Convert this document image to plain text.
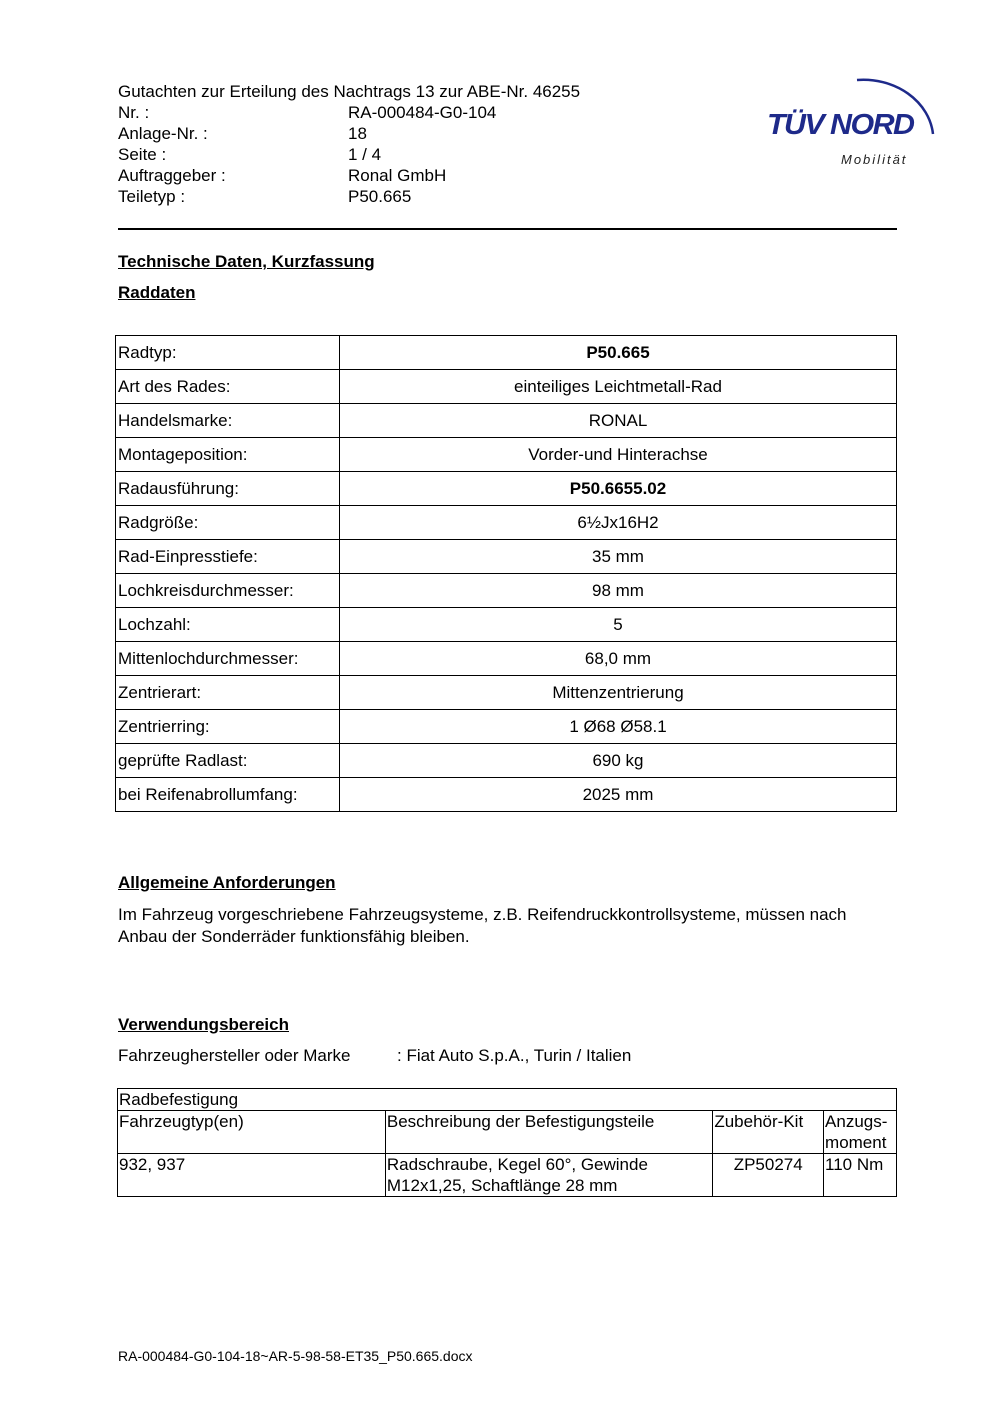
Gutachten zur Erteilung des Nachtrags 13 zur ABE-Nr. 46255
Nr. :	RA-000484-G0-104
Anlage-Nr. :	18
Seite :	1 / 4
Auftraggeber :	Ronal GmbH
Teiletyp :	P50.665
TÜV NORD
Mobilität
Technische Daten, Kurzfassung
Raddaten
Radtyp:	P50.665
Art des Rades:	einteiliges Leichtmetall-Rad
Handelsmarke:	RONAL
Montageposition:	Vorder-und Hinterachse
Radausführung:	P50.6655.02
Radgröße:	6½Jx16H2
Rad-Einpresstiefe:	35 mm
Lochkreisdurchmesser:	98 mm
Lochzahl:	5
Mittenlochdurchmesser:	68,0 mm
Zentrierart:	Mittenzentrierung
Zentrierring:	1 Ø68 Ø58.1
geprüfte Radlast:	690 kg
bei Reifenabrollumfang:	2025 mm
Allgemeine Anforderungen
Im Fahrzeug vorgeschriebene Fahrzeugsysteme, z.B. Reifendruckkontrollsysteme, müssen nach Anbau der Sonderräder funktionsfähig bleiben.
Verwendungsbereich
Fahrzeughersteller oder Marke	: Fiat Auto S.p.A., Turin / Italien
Radbefestigung			
Fahrzeugtyp(en)	Beschreibung der Befestigungsteile	Zubehör-Kit	Anzugs-moment
932, 937	Radschraube, Kegel 60°, Gewinde M12x1,25, Schaftlänge 28 mm	ZP50274	110 Nm
RA-000484-G0-104-18~AR-5-98-58-ET35_P50.665.docx
